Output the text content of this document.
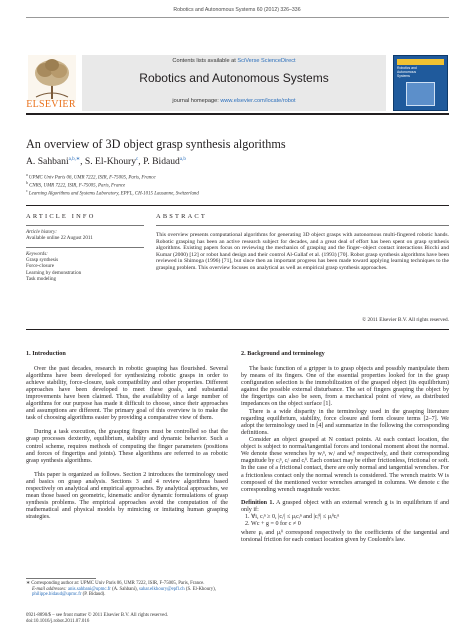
Robotics and Autonomous Systems 60 (2012) 326–336
ELSEVIER
Contents lists available at SciVerse ScienceDirect
Robotics and Autonomous Systems
journal homepage: www.elsevier.com/locate/robot
Robotics and
Autonomous
Systems
An overview of 3D object grasp synthesis algorithms
A. Sahbani$^{a,b,∗}$, S. El-Khoury$^c$, P. Bidaud$^{a,b}$
$^a$ UPMC Univ Paris 06, UMR 7222, ISIR, F-75005, Paris, France
$^b$ CNRS, UMR 7222, ISIR, F-75005, Paris, France
$^c$ Learning Algorithms and Systems Laboratory, EPFL, CH-1015 Lausanne, Switzerland
ARTICLE INFO
Article history:
Available online 22 August 2011
Keywords:
Grasp synthesis
Force-closure
Learning by demonstration
Task modeling
ABSTRACT
This overview presents computational algorithms for generating 3D object grasps with autonomous multi-fingered robotic hands. Robotic grasping has been an active research subject for decades, and a great deal of effort has been spent on grasp synthesis algorithms. Existing papers focus on reviewing the mechanics of grasping and the finger–object contact interactions Bicchi and Kumar (2000) [12] or robot hand design and their control Al-Gallaf et al. (1993) [70]. Robot grasp synthesis algorithms have been reviewed in Shimoga (1996) [71], but since then an important progress has been made toward applying learning techniques to the grasping problem. This overview focuses on analytical as well as empirical grasp synthesis approaches.
© 2011 Elsevier B.V. All rights reserved.
1. Introduction

Over the past decades, research in robotic grasping has flourished. Several algorithms have been developed for synthesizing robotic grasps in order to achieve stability, force-closure, task compatibility and other properties. Different approaches have been developed to meet these goals, and substantial improvements have been claimed. Thus, the availability of a large number of algorithms for our purpose has made it difficult to choose, since their approaches and assumptions are different. The primary goal of this overview is to make the task of choosing algorithms easier by providing a comparative view of them.

During a task execution, the grasping fingers must be controlled so that the grasp processes dexterity, equilibrium, stability and dynamic behavior. Such a control scheme, requires methods of computing the finger parameters (positions and forces of fingertips and joints). These algorithms are referred to as robotic grasp synthesis algorithms.

This paper is organized as follows. Section 2 introduces the terminology used and basics on grasp analysis. Sections 3 and 4 review algorithms based respectively on analytical and empirical approaches. By analytical approaches, we mean those based on geometric, kinematic and/or dynamic formulations of grasp synthesis problems. The empirical approaches avoid the computation of the mathematical and physical models by mimicing or imitating human grasping strategies.

∗ Corresponding author at: UPMC Univ Paris 06, UMR 7222, ISIR, F-75005, Paris, France.
E-mail addresses: anis.sahbani@upmc.fr (A. Sahbani), sahar.elkhoury@epfl.ch (S. El-Khoury), philippe.bidaud@upmc.fr (P. Bidaud).
0921-8890/$ – see front matter © 2011 Elsevier B.V. All rights reserved.
doi:10.1016/j.robot.2011.07.016
2. Background and terminology

The basic function of a gripper is to grasp objects and possibly manipulate them by means of its fingers. One of the essential properties looked for in the grasp configuration selection is the immobilization of the grasped object (its equilibrium) against the possible external disturbance. The set of fingers grasping the object by the fingertips can also be seen, from a mechanical point of view, as distributed impedances on the object surface [1].

There is a wide disparity in the terminology used in the grasping literature regarding equilibrium, stability, force closure and form closure terms [2–7]. We adopt the terminology used in [4] and summarize in the following the corresponding definitions.

Consider an object grasped at N contact points. At each contact location, the object is subject to normal/tangential forces and torsional moment about the normal. We denote these wrenches by wᵢⁿ, wᵢᵗ and wᵢᶿ respectively, and their corresponding magnitude by cᵢⁿ, cᵢᵗ and cᵢᶿ. Each contact may be either frictionless, frictional or soft. In the case of a frictional contact, there are only normal and tangential wrenches. For a frictionless contact only the normal wrench is considered. The wrench matrix W is composed of the mentioned vector wrenches arranged in columns. We denote c the corresponding wrench magnitude vector.

Definition 1. A grasped object with an external wrench g is in equilibrium if and only if:
1. ∀i, cᵢⁿ ≥ 0, |cᵢᵗ| ≤ μᵢcᵢⁿ and |cᵢᶿ| ≤ μᵢᶿcᵢⁿ
2. Wc + g = 0 for c ≠ 0
where μᵢ and μᵢᶿ correspond respectively to the coefficients of the tangential and torsional friction for each contact location given by Coulomb's law.
